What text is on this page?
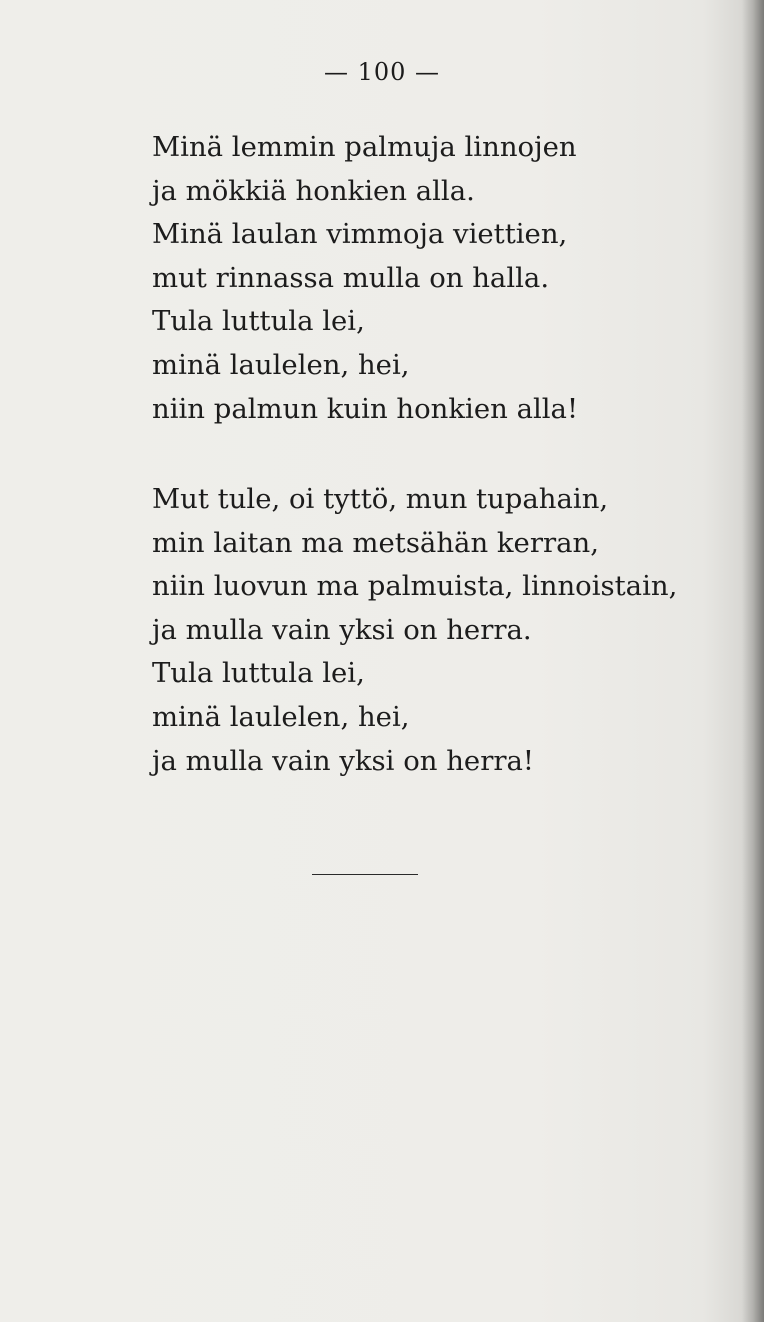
— 100 —
Minä lemmin palmuja linnojen
ja mökkiä honkien alla.
Minä laulan vimmoja viettien,
mut rinnassa mulla on halla.
Tula luttula lei,
minä laulelen, hei,
niin palmun kuin honkien alla!
Mut tule, oi tyttö, mun tupahain,
min laitan ma metsähän kerran,
niin luovun ma palmuista, linnoistain,
ja mulla vain yksi on herra.
Tula luttula lei,
minä laulelen, hei,
ja mulla vain yksi on herra!
